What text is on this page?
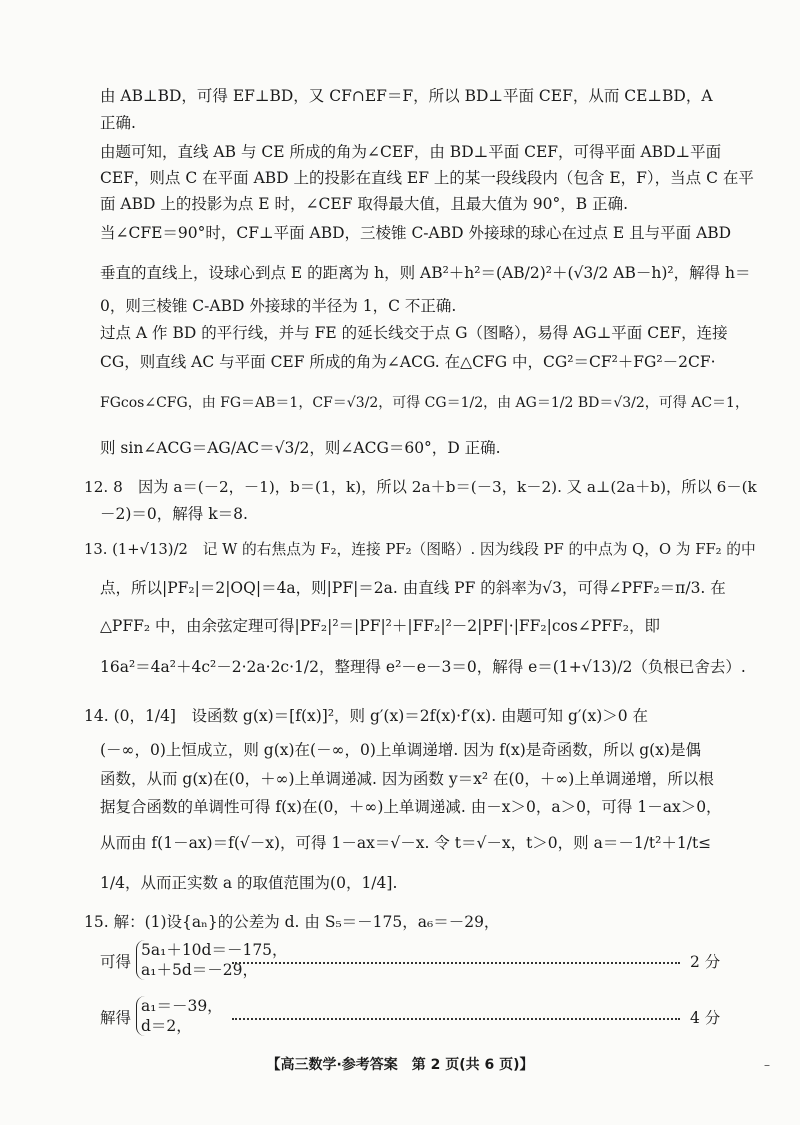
由 AB⊥BD，可得 EF⊥BD，又 CF∩EF＝F，所以 BD⊥平面 CEF，从而 CE⊥BD，A
正确.
由题可知，直线 AB 与 CE 所成的角为∠CEF，由 BD⊥平面 CEF，可得平面 ABD⊥平面
CEF，则点 C 在平面 ABD 上的投影在直线 EF 上的某一段线段内（包含 E，F），当点 C 在平
面 ABD 上的投影为点 E 时，∠CEF 取得最大值，且最大值为 90°，B 正确.
当∠CFE＝90°时，CF⊥平面 ABD，三棱锥 C-ABD 外接球的球心在过点 E 且与平面 ABD
垂直的直线上，设球心到点 E 的距离为 h，则 AB²＋h²＝(AB/2)²＋(√3/2 AB－h)²，解得 h＝
0，则三棱锥 C-ABD 外接球的半径为 1，C 不正确.
过点 A 作 BD 的平行线，并与 FE 的延长线交于点 G（图略），易得 AG⊥平面 CEF，连接
CG，则直线 AC 与平面 CEF 所成的角为∠ACG. 在△CFG 中，CG²＝CF²＋FG²－2CF·
FGcos∠CFG，由 FG＝AB＝1，CF＝√3/2，可得 CG＝1/2，由 AG＝1/2 BD＝√3/2，可得 AC＝1，
则 sin∠ACG＝AG/AC＝√3/2，则∠ACG＝60°，D 正确.
12. 8　因为 a＝(－2，－1)，b＝(1，k)，所以 2a＋b＝(－3，k－2). 又 a⊥(2a＋b)，所以 6－(k
－2)＝0，解得 k＝8.
13. (1+√13)/2　记 W 的右焦点为 F₂，连接 PF₂（图略）. 因为线段 PF 的中点为 Q，O 为 FF₂ 的中
点，所以|PF₂|＝2|OQ|＝4a，则|PF|＝2a. 由直线 PF 的斜率为√3，可得∠PFF₂＝π/3. 在
△PFF₂ 中，由余弦定理可得|PF₂|²＝|PF|²＋|FF₂|²－2|PF|·|FF₂|cos∠PFF₂，即
16a²＝4a²＋4c²－2·2a·2c·1/2，整理得 e²－e－3＝0，解得 e＝(1+√13)/2（负根已舍去）.
14. (0，1/4]　设函数 g(x)＝[f(x)]²，则 g′(x)＝2f(x)·f′(x). 由题可知 g′(x)＞0 在
(－∞，0)上恒成立，则 g(x)在(－∞，0)上单调递增. 因为 f(x)是奇函数，所以 g(x)是偶
函数，从而 g(x)在(0，＋∞)上单调递减. 因为函数 y＝x² 在(0，＋∞)上单调递增，所以根
据复合函数的单调性可得 f(x)在(0，＋∞)上单调递减. 由－x＞0，a＞0，可得 1－ax＞0，
从而由 f(1－ax)＝f(√－x)，可得 1－ax＝√－x. 令 t＝√－x，t＞0，则 a＝－1/t²＋1/t≤
1/4，从而正实数 a 的取值范围为(0，1/4].
15. 解：(1)设{aₙ}的公差为 d. 由 S₅＝－175，a₆＝－29，
可得
5a₁＋10d＝－175，
a₁＋5d＝－29，	2 分
解得
a₁＝－39，
d＝2，	4 分
【高三数学·参考答案　第 2 页(共 6 页)】	–
